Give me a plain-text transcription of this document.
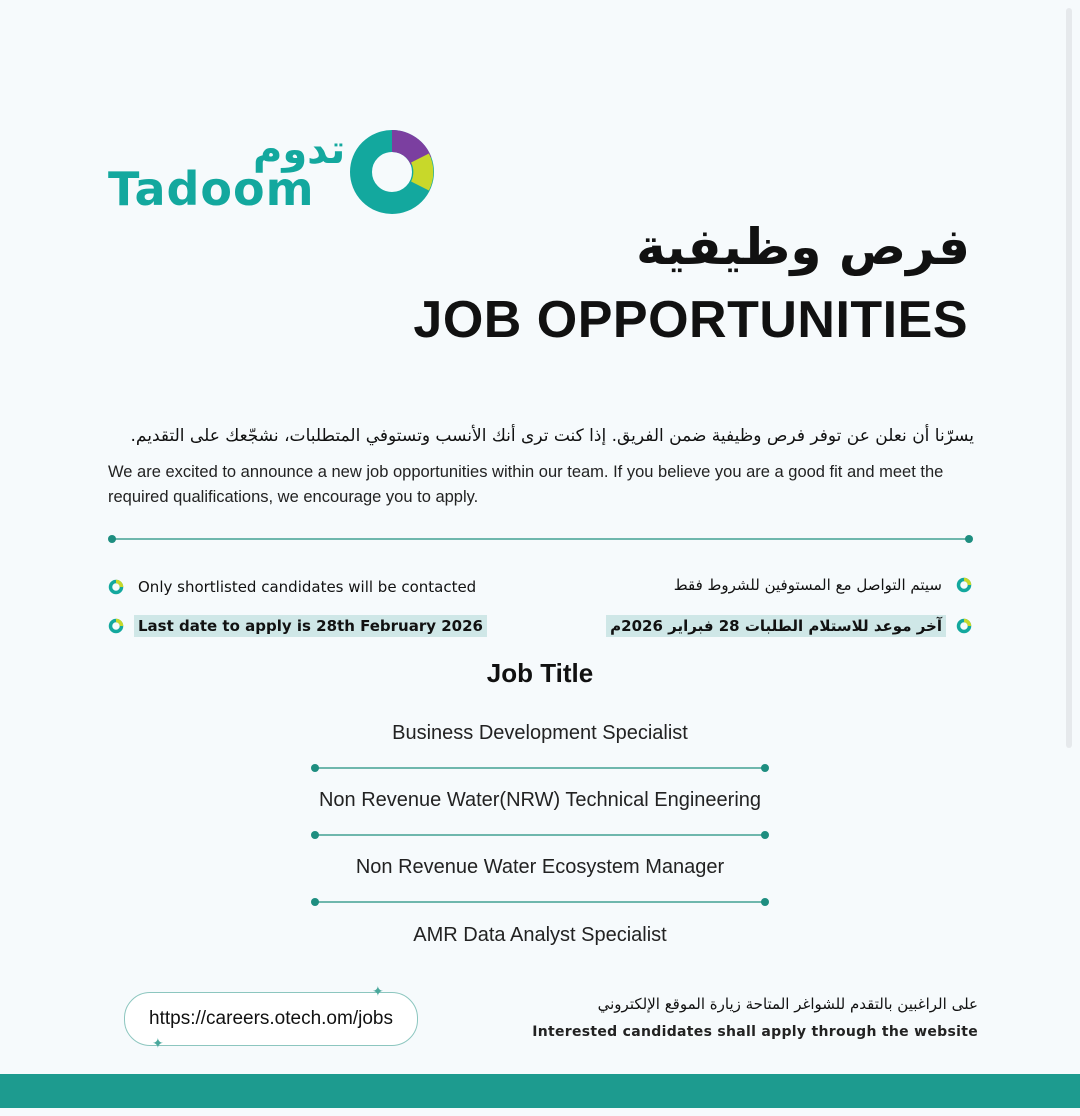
تدوم
Tadoom
فرص وظيفية
JOB OPPORTUNITIES
يسرّنا أن نعلن عن توفر فرص وظيفية ضمن الفريق. إذا كنت ترى أنك الأنسب وتستوفي المتطلبات، نشجّعك على التقديم.
We are excited to announce a new job opportunities within our team. If you believe you are a good fit and meet the required qualifications, we encourage you to apply.
Only shortlisted candidates will be contacted	سيتم التواصل مع المستوفين للشروط فقط
Last date to apply is 28th February 2026	آخر موعد للاستلام الطلبات 28 فبراير 2026م
Job Title
Business Development Specialist
Non Revenue Water(NRW) Technical Engineering
Non Revenue Water Ecosystem Manager
AMR Data Analyst Specialist
https://careers.otech.om/jobs
✦
✦
على الراغبين بالتقدم للشواغر المتاحة زيارة الموقع الإلكتروني
Interested candidates shall apply through the website
